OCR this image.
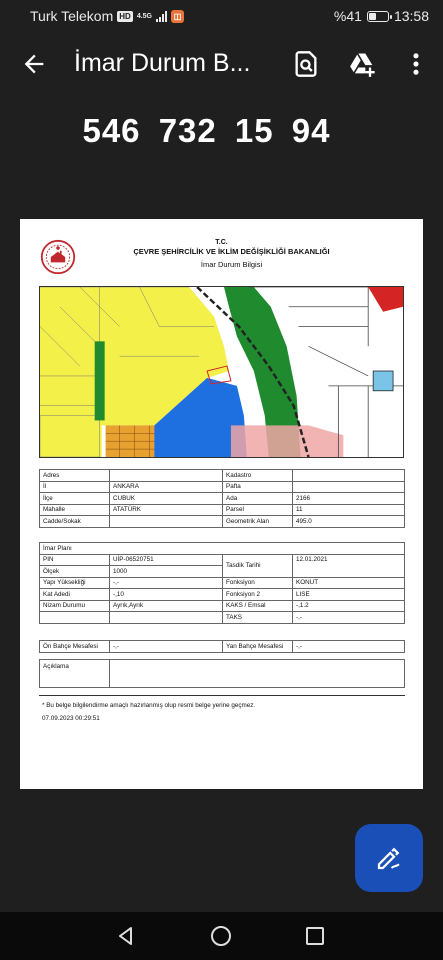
Turk Telekom HD 4.5G	◫	%41 13:58
İmar Durum B...
546 732 15 94
T.C.
ÇEVRE ŞEHİRCİLİK VE İKLİM DEĞİŞİKLİĞİ BAKANLIĞI
İmar Durum Bilgisi
Adres		Kadastro	
İl	ANKARA	Pafta	
İlçe	CUBUK	Ada	2166
Mahalle	ATATÜRK	Parsel	11
Cadde/Sokak		Geometrik Alan	495.0
İmar Planı			
PIN	UİP-06520751	Tasdik Tarihi	12.01.2021
Ölçek	1000		
Yapı Yüksekliği	-,-	Fonksiyon	KONUT
Kat Adedi	-,10	Fonksiyon 2	LISE
Nizam Durumu	Ayrık,Ayrık	KAKS / Emsal	-,1.2
		TAKS	-,-
Ön Bahçe Mesafesi	-,-	Yan Bahçe Mesafesi	-,-
Açıklama	
* Bu belge bilgilendirme amaçlı hazırlanmış olup resmi belge yerine geçmez.
07.09.2023 00:29:51
